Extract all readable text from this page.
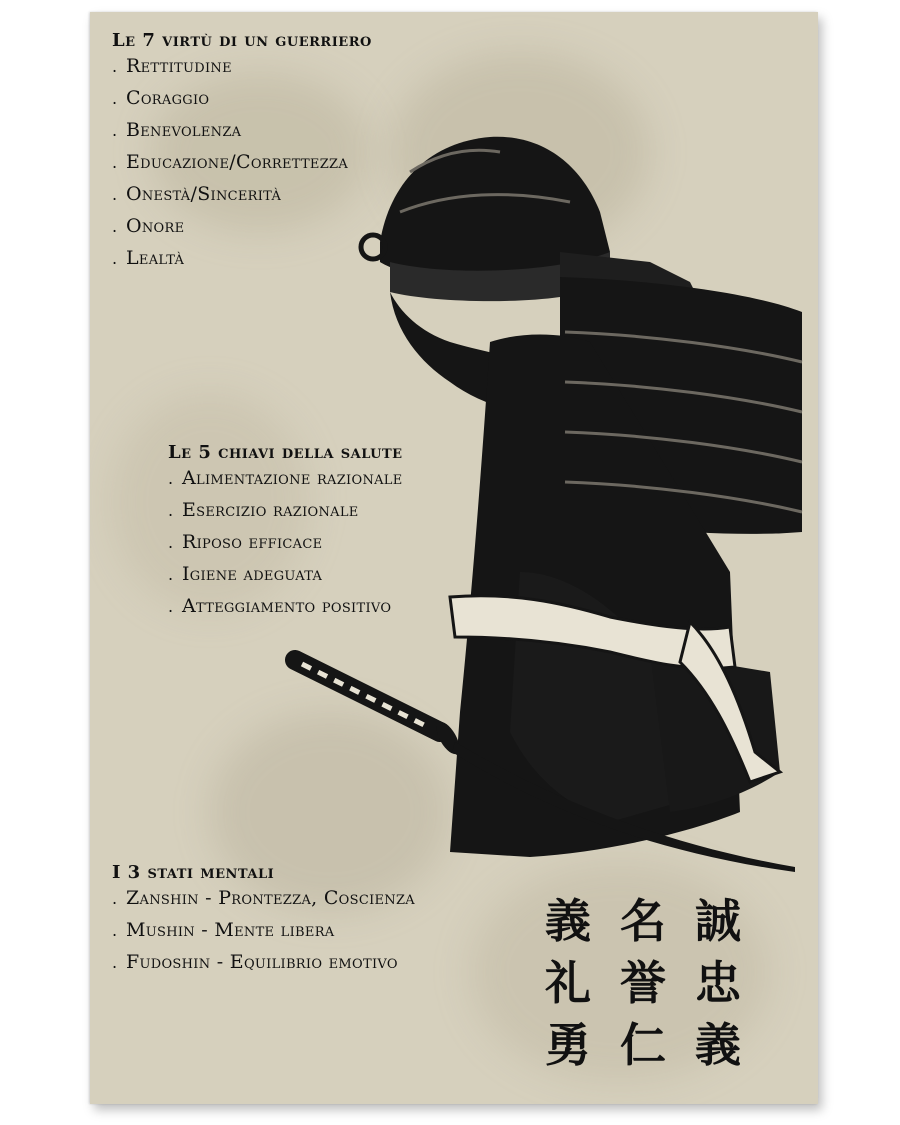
Le 7 virtù di un guerriero
. Rettitudine
. Coraggio
. Benevolenza
. Educazione/Correttezza
. Onestà/Sincerità
. Onore
. Lealtà
Le 5 chiavi della salute
. Alimentazione razionale
. Esercizio razionale
. Riposo efficace
. Igiene adeguata
. Atteggiamento positivo
I 3 stati mentali
. Zanshin - Prontezza, Coscienza
. Mushin - Mente libera
. Fudoshin - Equilibrio emotivo
義
礼
勇
名
誉
仁
誠
忠
義
